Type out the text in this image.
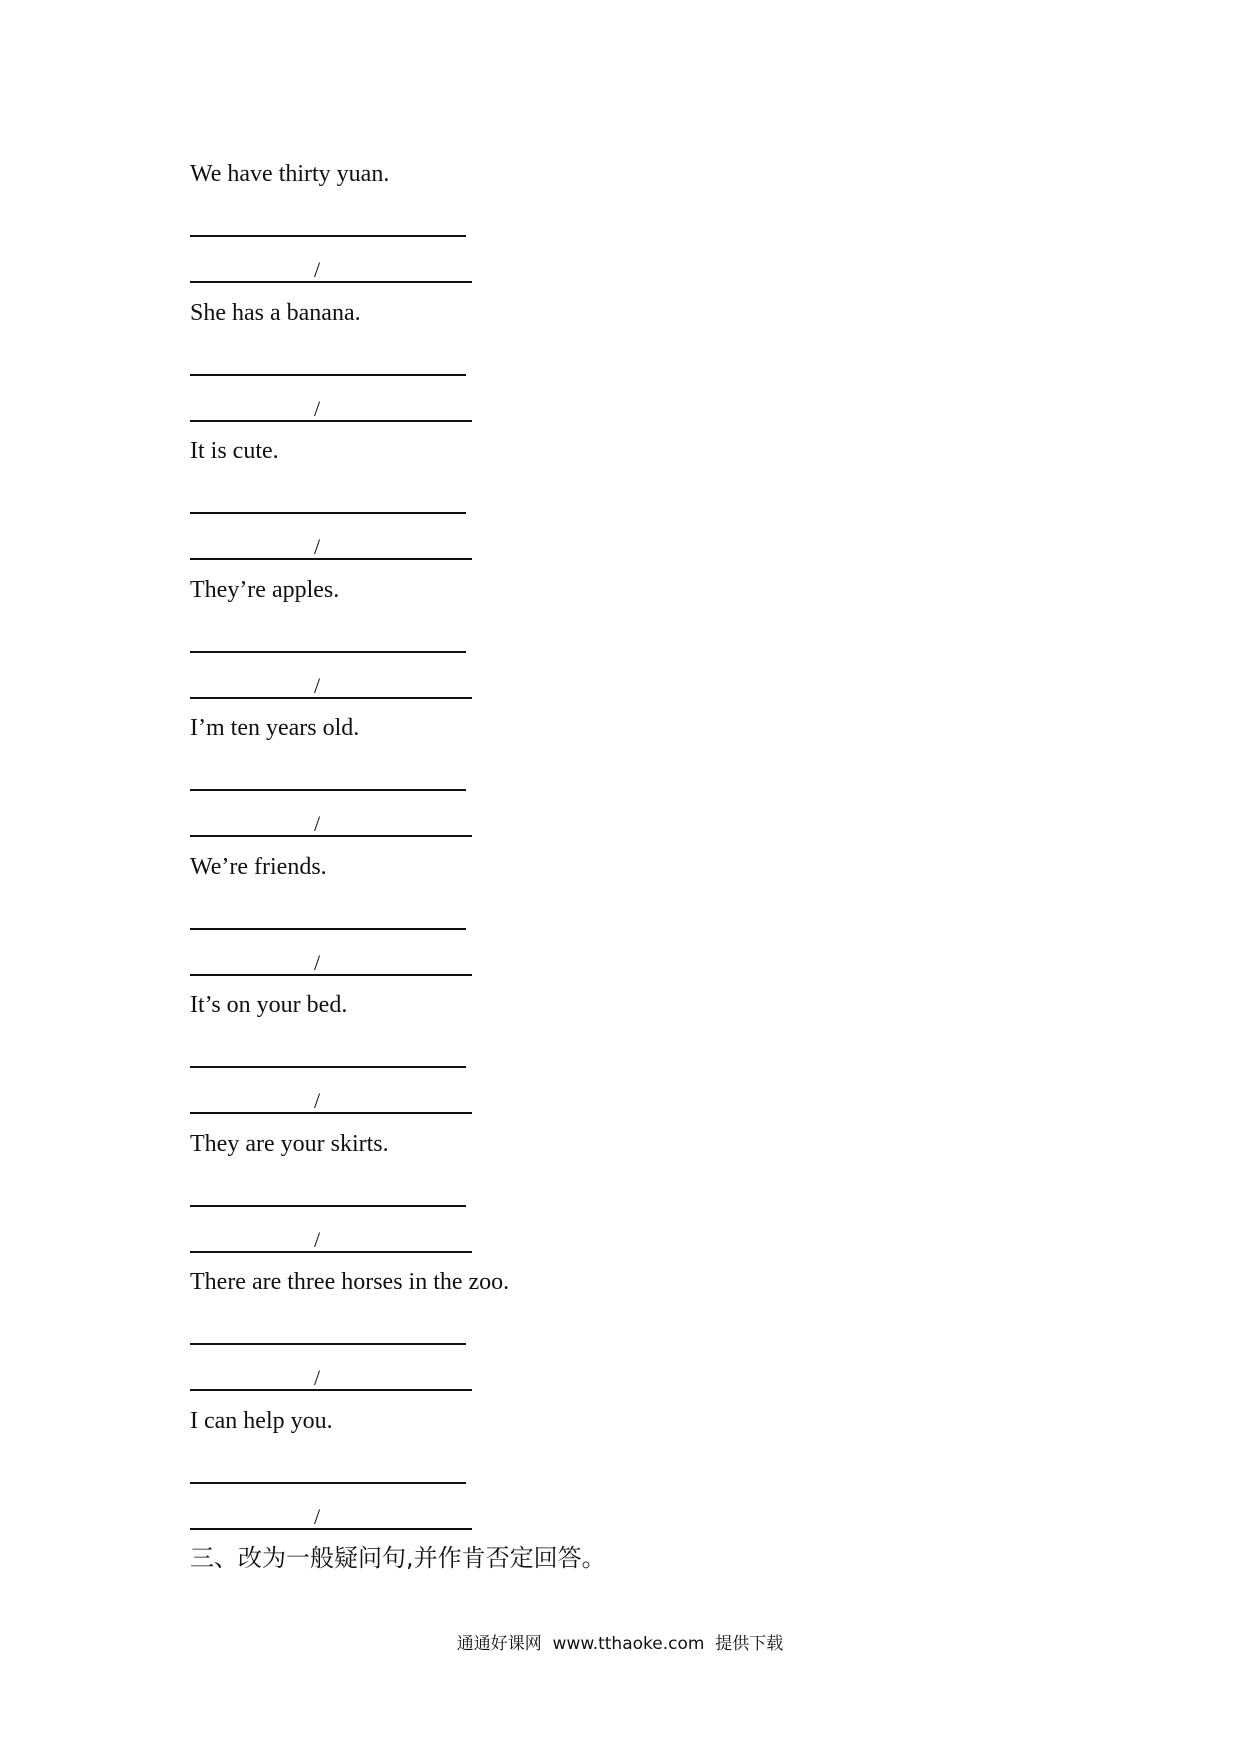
We have thirty yuan.
/
She has a banana.
/
It is cute.
/
They’re apples.
/
I’m ten years old.
/
We’re friends.
/
It’s on your bed.
/
They are your skirts.
/
There are three horses in the zoo.
/
I can help you.
/
三、改为一般疑问句,并作肯否定回答。
通通好课网  www.tthaoke.com  提供下载
